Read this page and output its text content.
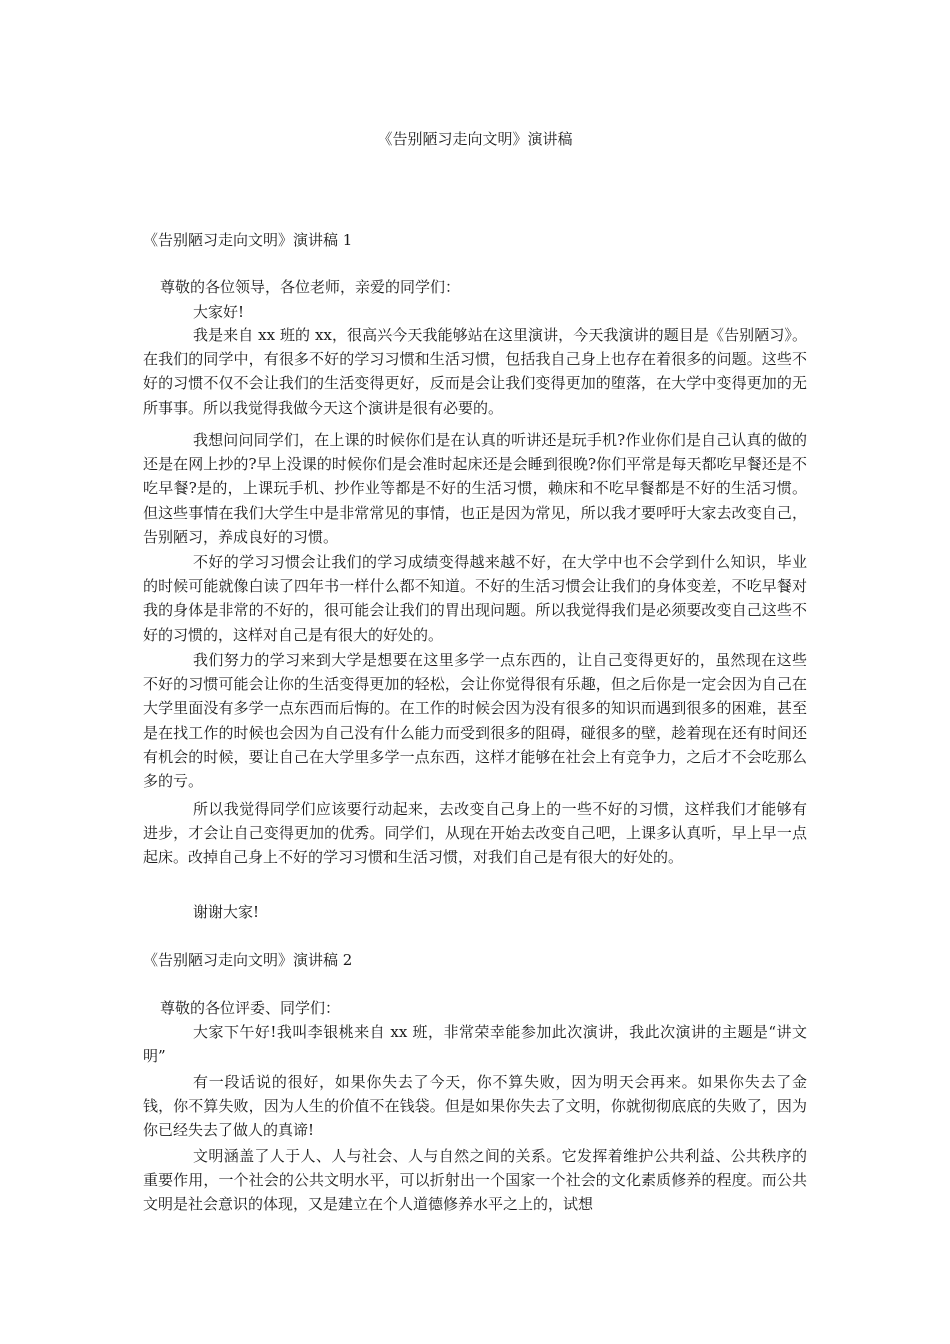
《告别陋习走向文明》演讲稿
《告别陋习走向文明》演讲稿 1
尊敬的各位领导，各位老师，亲爱的同学们：
大家好!

我是来自 xx 班的 xx，很高兴今天我能够站在这里演讲，今天我演讲的题目是《告别陋习》。在我们的同学中，有很多不好的学习习惯和生活习惯，包括我自己身上也存在着很多的问题。这些不好的习惯不仅不会让我们的生活变得更好，反而是会让我们变得更加的堕落，在大学中变得更加的无所事事。所以我觉得我做今天这个演讲是很有必要的。

我想问问同学们，在上课的时候你们是在认真的听讲还是玩手机?作业你们是自己认真的做的还是在网上抄的?早上没课的时候你们是会准时起床还是会睡到很晚?你们平常是每天都吃早餐还是不吃早餐?是的，上课玩手机、抄作业等都是不好的生活习惯，赖床和不吃早餐都是不好的生活习惯。但这些事情在我们大学生中是非常常见的事情，也正是因为常见，所以我才要呼吁大家去改变自己，告别陋习，养成良好的习惯。

不好的学习习惯会让我们的学习成绩变得越来越不好，在大学中也不会学到什么知识，毕业的时候可能就像白读了四年书一样什么都不知道。不好的生活习惯会让我们的身体变差，不吃早餐对我的身体是非常的不好的，很可能会让我们的胃出现问题。所以我觉得我们是必须要改变自己这些不好的习惯的，这样对自己是有很大的好处的。

我们努力的学习来到大学是想要在这里多学一点东西的，让自己变得更好的，虽然现在这些不好的习惯可能会让你的生活变得更加的轻松，会让你觉得很有乐趣，但之后你是一定会因为自己在大学里面没有多学一点东西而后悔的。在工作的时候会因为没有很多的知识而遇到很多的困难，甚至是在找工作的时候也会因为自己没有什么能力而受到很多的阻碍，碰很多的壁，趁着现在还有时间还有机会的时候，要让自己在大学里多学一点东西，这样才能够在社会上有竞争力，之后才不会吃那么多的亏。

所以我觉得同学们应该要行动起来，去改变自己身上的一些不好的习惯，这样我们才能够有进步，才会让自己变得更加的优秀。同学们，从现在开始去改变自己吧，上课多认真听，早上早一点起床。改掉自己身上不好的学习习惯和生活习惯，对我们自己是有很大的好处的。

谢谢大家!
《告别陋习走向文明》演讲稿 2
尊敬的各位评委、同学们：

大家下午好!我叫李银桃来自 xx 班，非常荣幸能参加此次演讲，我此次演讲的主题是“讲文明”

有一段话说的很好，如果你失去了今天，你不算失败，因为明天会再来。如果你失去了金钱，你不算失败，因为人生的价值不在钱袋。但是如果你失去了文明，你就彻彻底底的失败了，因为你已经失去了做人的真谛!

文明涵盖了人于人、人与社会、人与自然之间的关系。它发挥着维护公共利益、公共秩序的重要作用，一个社会的公共文明水平，可以折射出一个国家一个社会的文化素质修养的程度。而公共文明是社会意识的体现，又是建立在个人道德修养水平之上的，试想
